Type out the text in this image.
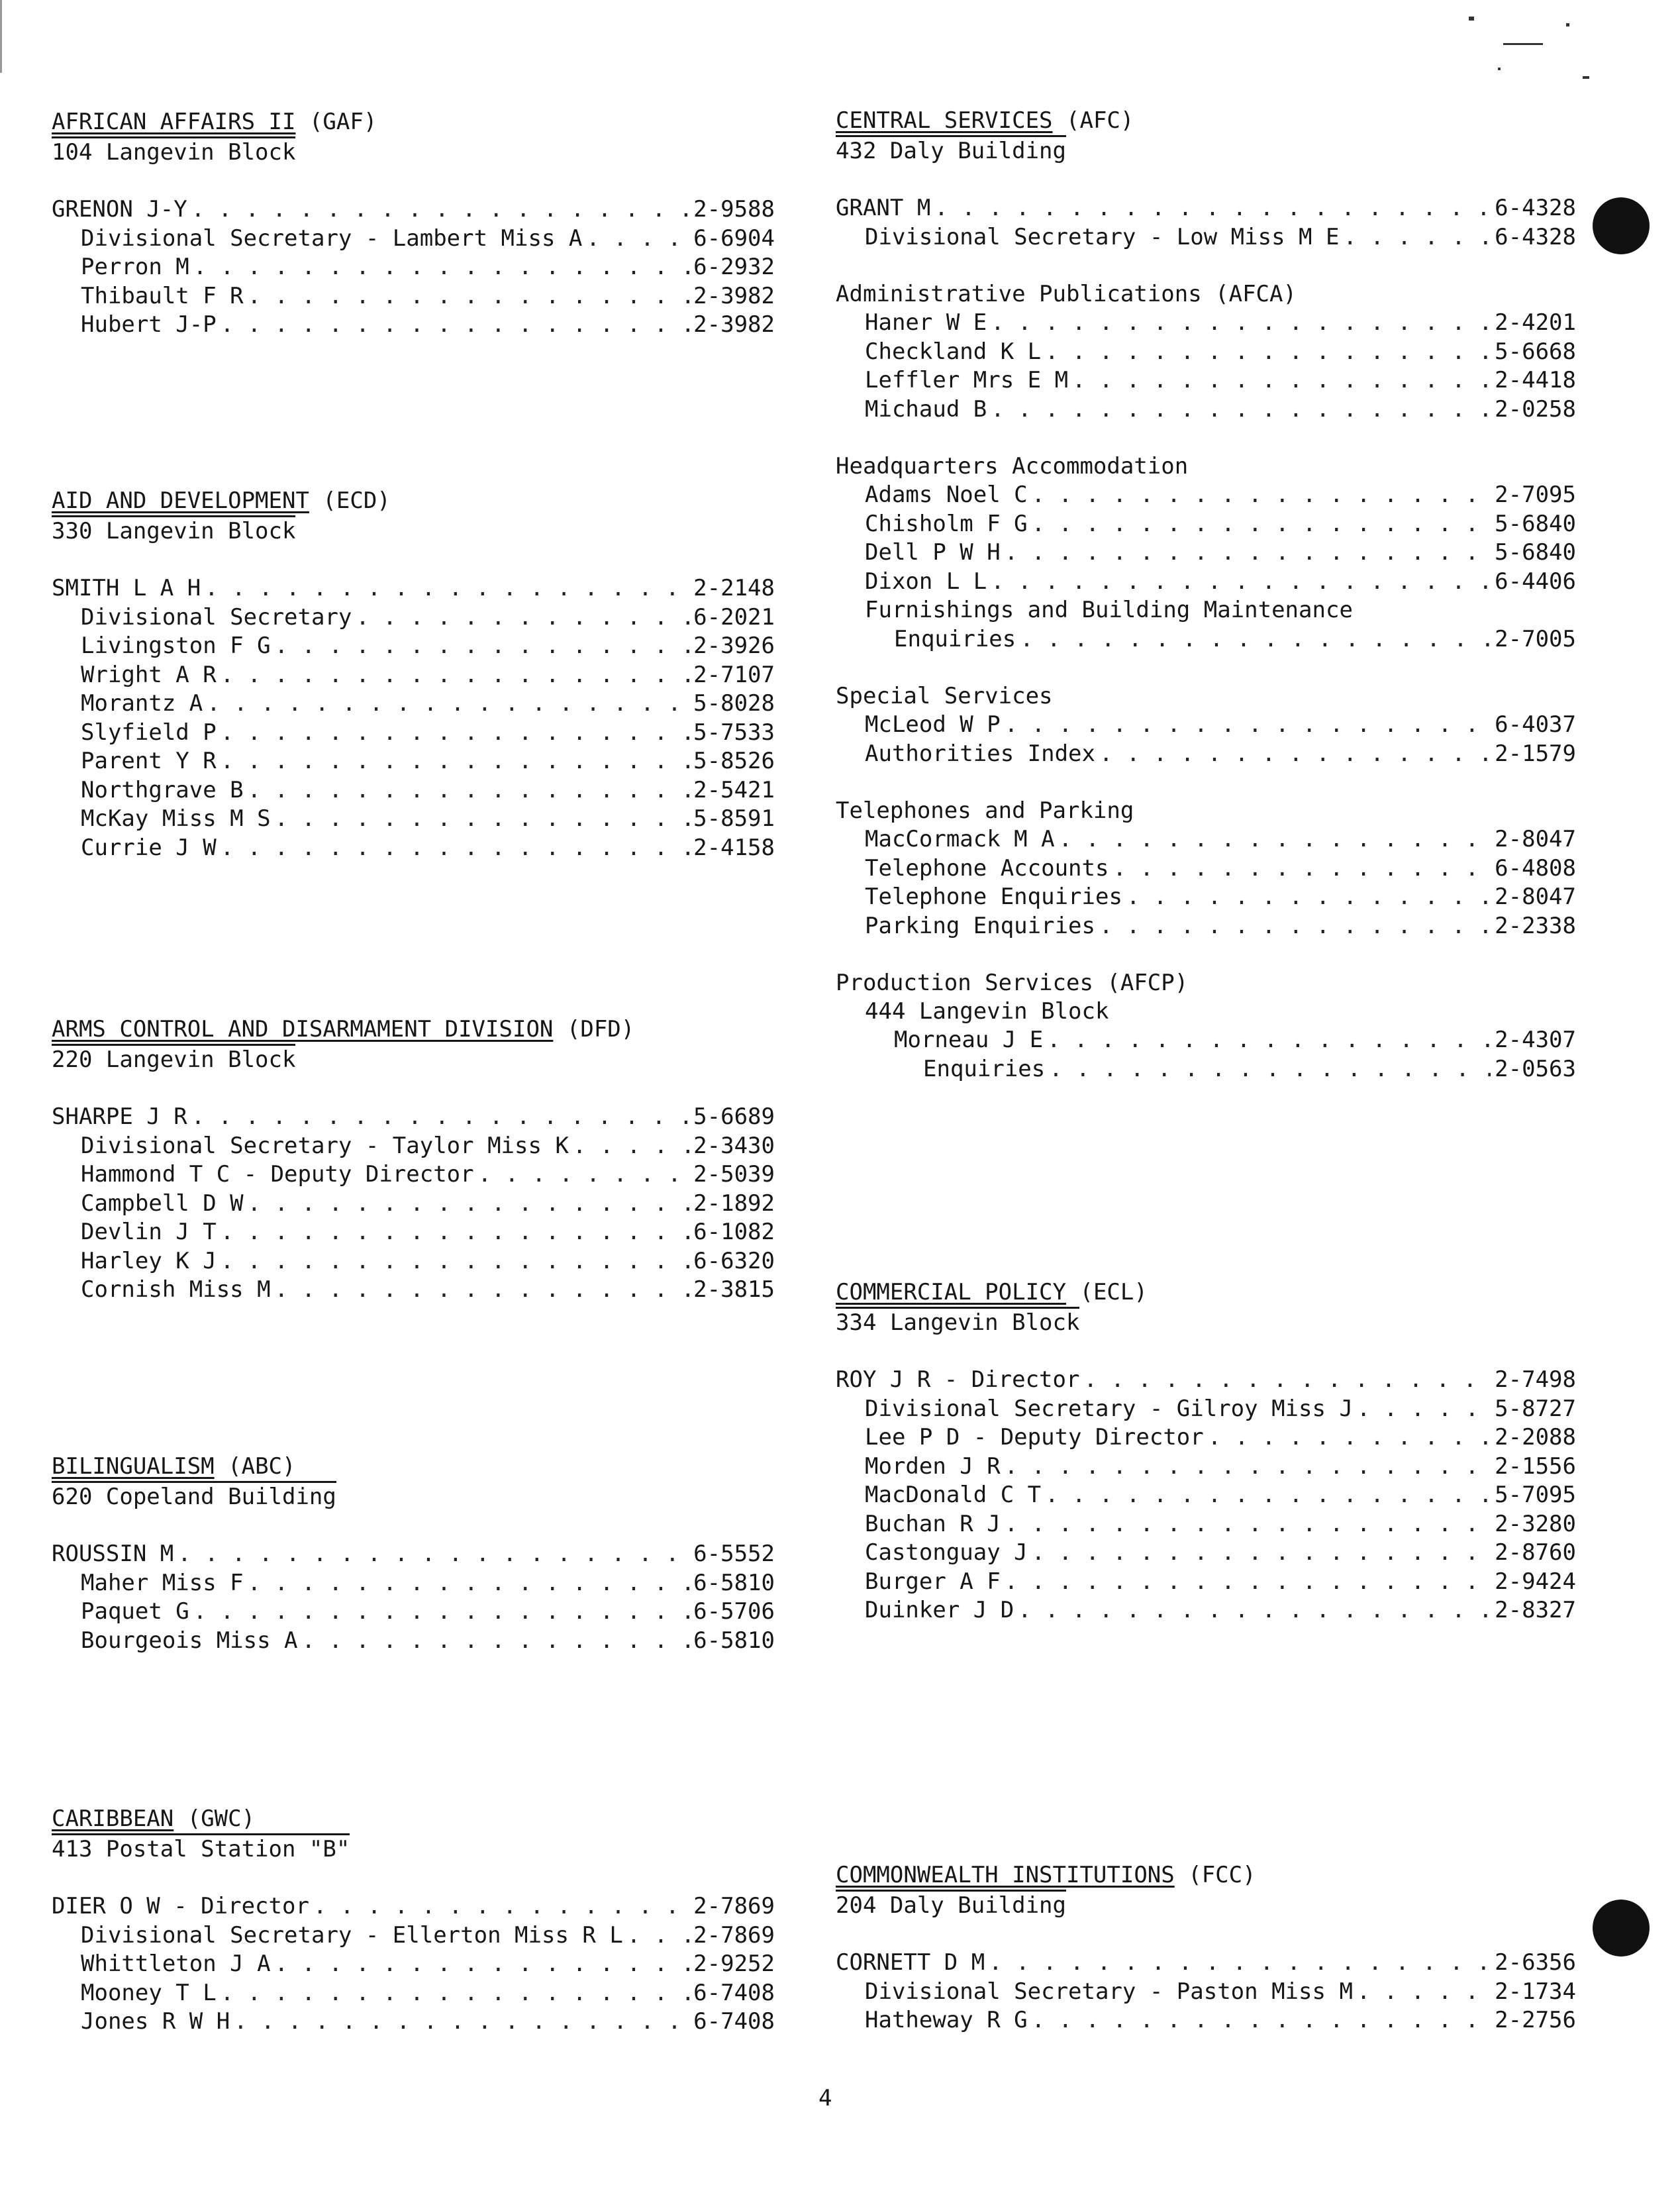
AFRICAN AFFAIRS II (GAF)
104 Langevin Block
GRENON J-Y . . .	2-9588
Divisional Secretary - Lambert Miss A . . .	6-6904
Perron M . . .	6-2932
Thibault F R . . .	2-3982
Hubert J-P . . .	2-3982
AID AND DEVELOPMENT (ECD)
330 Langevin Block
SMITH L A H . . .	2-2148
Divisional Secretary . . .	6-2021
Livingston F G . . .	2-3926
Wright A R . . .	2-7107
Morantz A . . .	5-8028
Slyfield P . . .	5-7533
Parent Y R . . .	5-8526
Northgrave B . . .	2-5421
McKay Miss M S . . .	5-8591
Currie J W . . .	2-4158
ARMS CONTROL AND DISARMAMENT DIVISION (DFD)
220 Langevin Block
SHARPE J R . . .	5-6689
Divisional Secretary - Taylor Miss K . . .	2-3430
Hammond T C - Deputy Director . . .	2-5039
Campbell D W . . .	2-1892
Devlin J T . . .	6-1082
Harley K J . . .	6-6320
Cornish Miss M . . .	2-3815
BILINGUALISM (ABC)
620 Copeland Building
ROUSSIN M . . .	6-5552
Maher Miss F . . .	6-5810
Paquet G . . .	6-5706
Bourgeois Miss A . . .	6-5810
CARIBBEAN (GWC)
413 Postal Station "B"
DIER O W - Director . . .	2-7869
Divisional Secretary - Ellerton Miss R L . . .	2-7869
Whittleton J A . . .	2-9252
Mooney T L . . .	6-7408
Jones R W H . . .	6-7408
CENTRAL SERVICES (AFC)
432 Daly Building
GRANT M . . .	6-4328
Divisional Secretary - Low Miss M E . . .	6-4328
Administrative Publications (AFCA)
Haner W E . . .	2-4201
Checkland K L . . .	5-6668
Leffler Mrs E M . . .	2-4418
Michaud B . . .	2-0258
Headquarters Accommodation
Adams Noel C . . .	2-7095
Chisholm F G . . .	5-6840
Dell P W H . . .	5-6840
Dixon L L . . .	6-4406
Furnishings and Building Maintenance
Enquiries . . .	2-7005
Special Services
McLeod W P . . .	6-4037
Authorities Index . . .	2-1579
Telephones and Parking
MacCormack M A . . .	2-8047
Telephone Accounts . . .	6-4808
Telephone Enquiries . . .	2-8047
Parking Enquiries . . .	2-2338
Production Services (AFCP)
444 Langevin Block
Morneau J E . . .	2-4307
Enquiries . . .	2-0563
COMMERCIAL POLICY (ECL)
334 Langevin Block
ROY J R - Director . . .	2-7498
Divisional Secretary - Gilroy Miss J . . .	5-8727
Lee P D - Deputy Director . . .	2-2088
Morden J R . . .	2-1556
MacDonald C T . . .	5-7095
Buchan R J . . .	2-3280
Castonguay J . . .	2-8760
Burger A F . . .	2-9424
Duinker J D . . .	2-8327
COMMONWEALTH INSTITUTIONS (FCC)
204 Daly Building
CORNETT D M . . .	2-6356
Divisional Secretary - Paston Miss M . . .	2-1734
Hatheway R G . . .	2-2756
4
